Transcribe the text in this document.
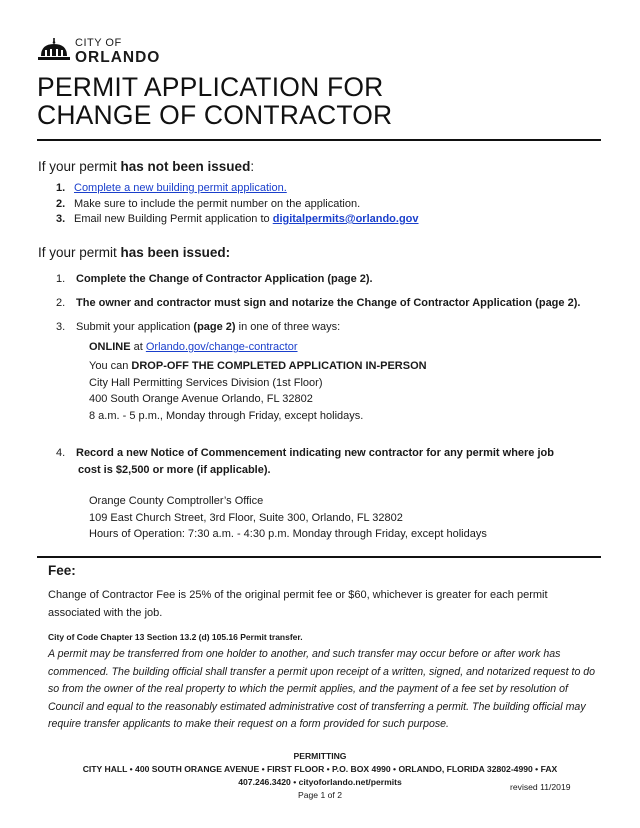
CITY OF
ORLANDO
PERMIT APPLICATION FOR
CHANGE OF CONTRACTOR
If your permit has not been issued:
1. Complete a new building permit application.
2. Make sure to include the permit number on the application.
3. Email new Building Permit application to digitalpermits@orlando.gov
If your permit has been issued:
1. Complete the Change of Contractor Application (page 2).
2. The owner and contractor must sign and notarize the Change of Contractor Application (page 2).
3. Submit your application (page 2) in one of three ways:
ONLINE at Orlando.gov/change-contractor
You can DROP-OFF THE COMPLETED APPLICATION IN-PERSON
City Hall Permitting Services Division (1st Floor)
400 South Orange Avenue Orlando, FL 32802
8 a.m. - 5 p.m., Monday through Friday, except holidays.
4. Record a new Notice of Commencement indicating new contractor for any permit where job
cost is $2,500 or more (if applicable).
Orange County Comptroller’s Office
109 East Church Street, 3rd Floor, Suite 300, Orlando, FL 32802
Hours of Operation: 7:30 a.m. - 4:30 p.m. Monday through Friday, except holidays
Fee:
Change of Contractor Fee is 25% of the original permit fee or $60, whichever is greater for each permit associated with the job.
City of Code Chapter 13 Section 13.2 (d) 105.16 Permit transfer.
A permit may be transferred from one holder to another, and such transfer may occur before or after work has commenced. The building official shall transfer a permit upon receipt of a written, signed, and notarized request to do so from the owner of the real property to which the permit applies, and the payment of a fee set by resolution of Council and equal to the reasonably estimated administrative cost of transferring a permit. The building official may require transfer applicants to make their request on a form provided for such purpose.
PERMITTING
CITY HALL • 400 SOUTH ORANGE AVENUE • FIRST FLOOR • P.O. BOX 4990 • ORLANDO, FLORIDA 32802-4990 • FAX
407.246.3420 • cityoforlando.net/permits
Page 1 of 2
revised 11/2019
